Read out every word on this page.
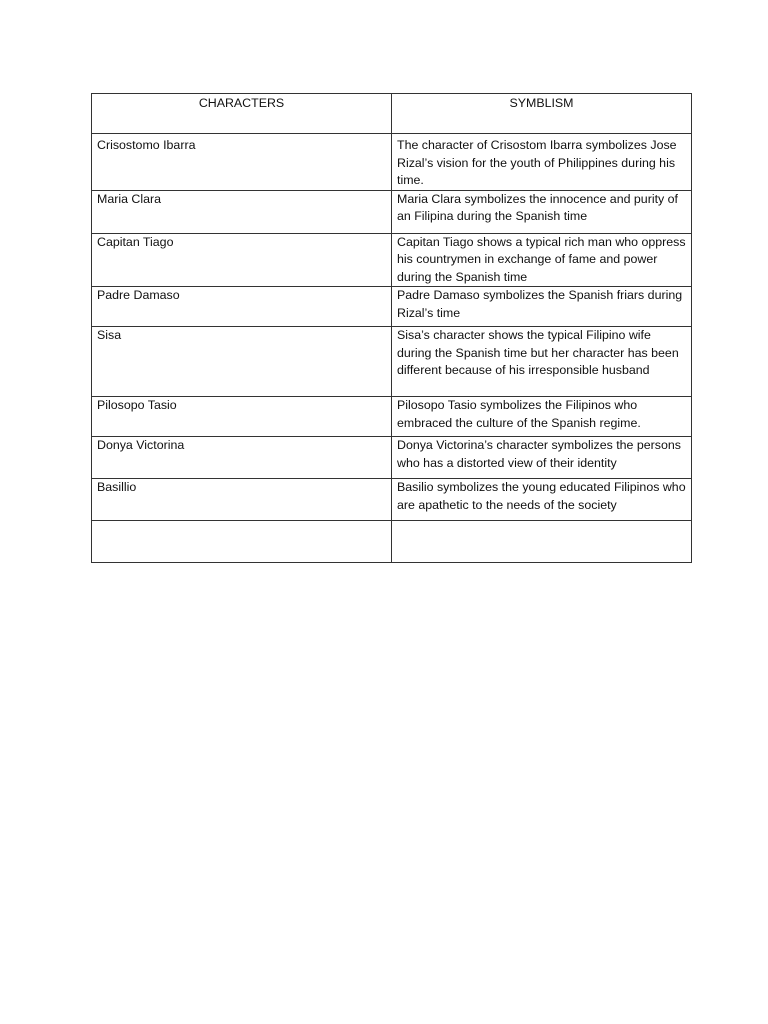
CHARACTERS	SYMBLISM

Crisostomo Ibarra	The character of Crisostom Ibarra symbolizes Jose Rizal’s vision for the youth of Philippines during his time.

Maria Clara	Maria Clara symbolizes the innocence and purity of an Filipina during the Spanish time

Capitan Tiago	Capitan Tiago shows a typical rich man who oppress his countrymen in exchange of fame and power during the Spanish time

Padre Damaso	Padre Damaso symbolizes the Spanish friars during Rizal’s time

Sisa	Sisa’s character shows the typical Filipino wife during the Spanish time but her character has been different because of his irresponsible husband

Pilosopo Tasio	Pilosopo Tasio symbolizes the Filipinos who embraced the culture of the Spanish regime.

Donya Victorina	Donya Victorina’s character symbolizes the persons who has a distorted view of their identity

Basillio	Basilio symbolizes the young educated Filipinos who are apathetic to the needs of the society
